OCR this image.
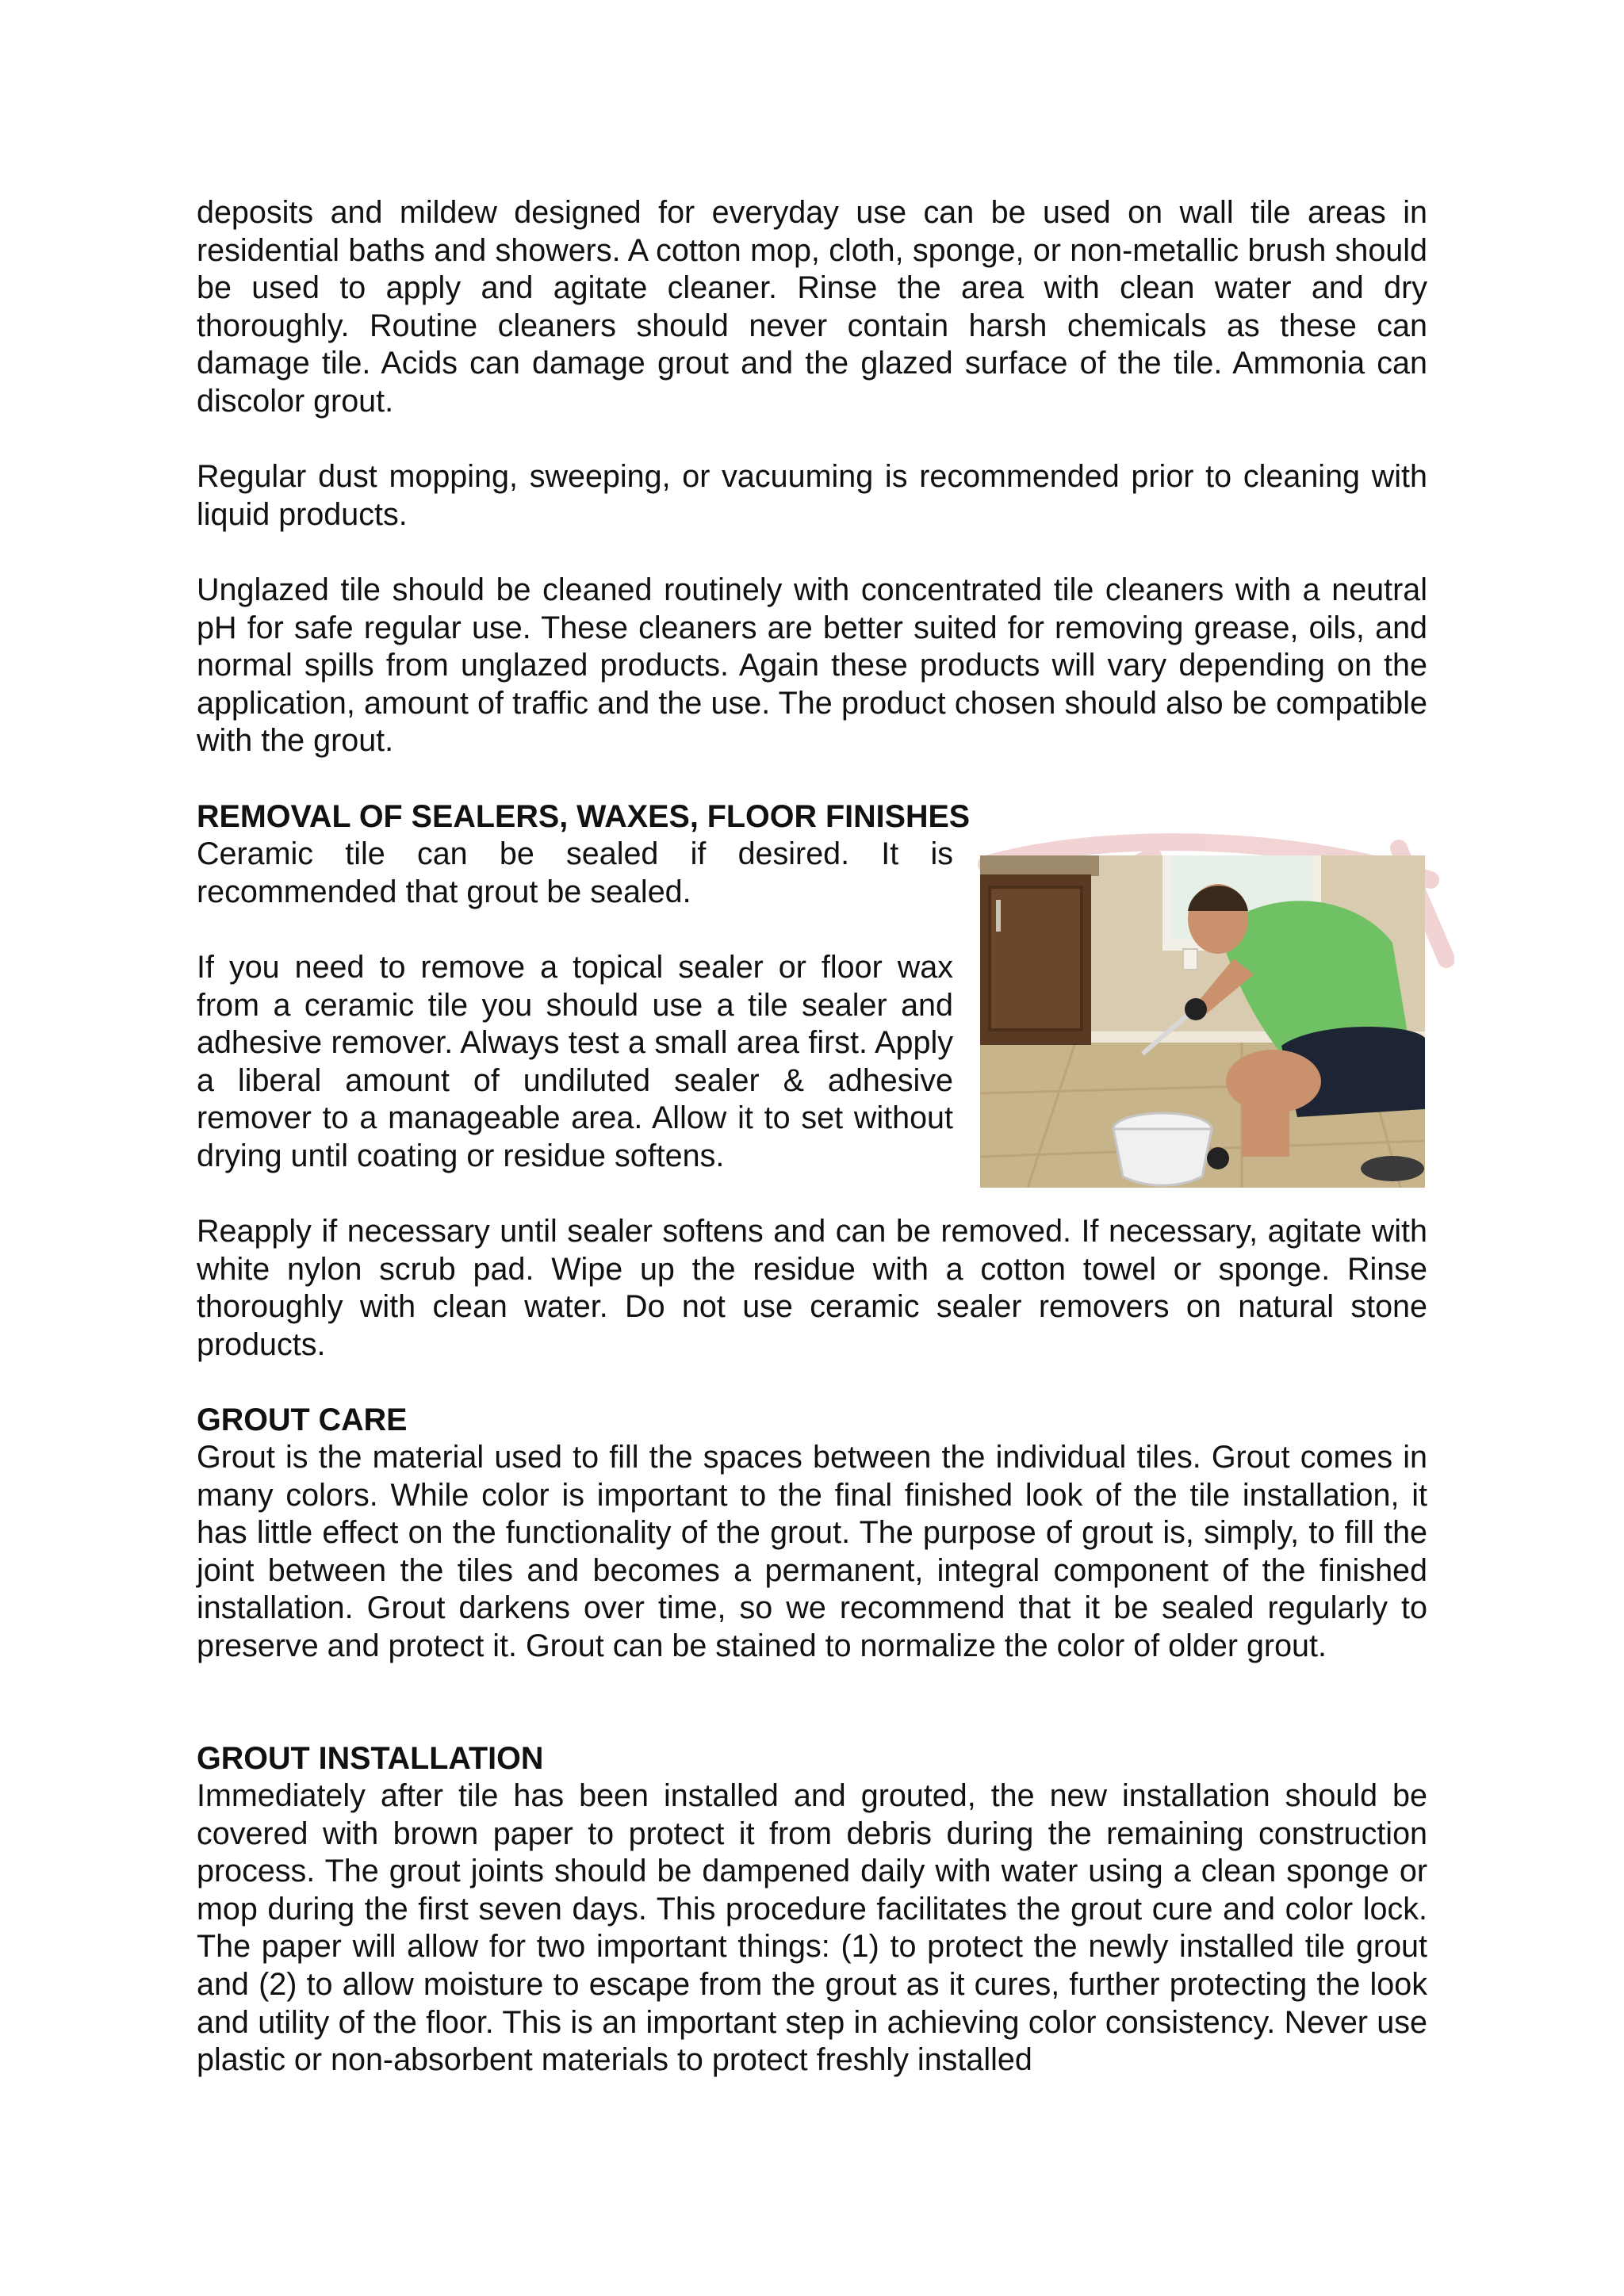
deposits and mildew designed for everyday use can be used on wall tile areas in residential baths and showers. A cotton mop, cloth, sponge, or non-metallic brush should be used to apply and agitate cleaner. Rinse the area with clean water and dry thoroughly. Routine cleaners should never contain harsh chemicals as these can damage tile. Acids can damage grout and the glazed surface of the tile. Ammonia can discolor grout.

Regular dust mopping, sweeping, or vacuuming is recommended prior to cleaning with liquid products.

Unglazed tile should be cleaned routinely with concentrated tile cleaners with a neutral pH for safe regular use. These cleaners are better suited for removing grease, oils, and normal spills from unglazed products. Again these products will vary depending on the application, amount of traffic and the use. The product chosen should also be compatible with the grout.

REMOVAL OF SEALERS, WAXES, FLOOR FINISHES

Ceramic tile can be sealed if desired. It is recommended that grout be sealed.

If you need to remove a topical sealer or floor wax from a ceramic tile you should use a tile sealer and adhesive remover. Always test a small area first. Apply a liberal amount of undiluted sealer & adhesive remover to a manageable area. Allow it to set without drying until coating or residue softens.

Reapply if necessary until sealer softens and can be removed. If necessary, agitate with white nylon scrub pad. Wipe up the residue with a cotton towel or sponge. Rinse thoroughly with clean water. Do not use ceramic sealer removers on natural stone products.

GROUT CARE

Grout is the material used to fill the spaces between the individual tiles. Grout comes in many colors. While color is important to the final finished look of the tile installation, it has little effect on the functionality of the grout. The purpose of grout is, simply, to fill the joint between the tiles and becomes a permanent, integral component of the finished installation. Grout darkens over time, so we recommend that it be sealed regularly to preserve and protect it. Grout can be stained to normalize the color of older grout.

GROUT INSTALLATION

Immediately after tile has been installed and grouted, the new installation should be covered with brown paper to protect it from debris during the remaining construction process. The grout joints should be dampened daily with water using a clean sponge or mop during the first seven days. This procedure facilitates the grout cure and color lock. The paper will allow for two important things: (1) to protect the newly installed tile grout and (2) to allow moisture to escape from the grout as it cures, further protecting the look and utility of the floor. This is an important step in achieving color consistency. Never use plastic or non-absorbent materials to protect freshly installed
